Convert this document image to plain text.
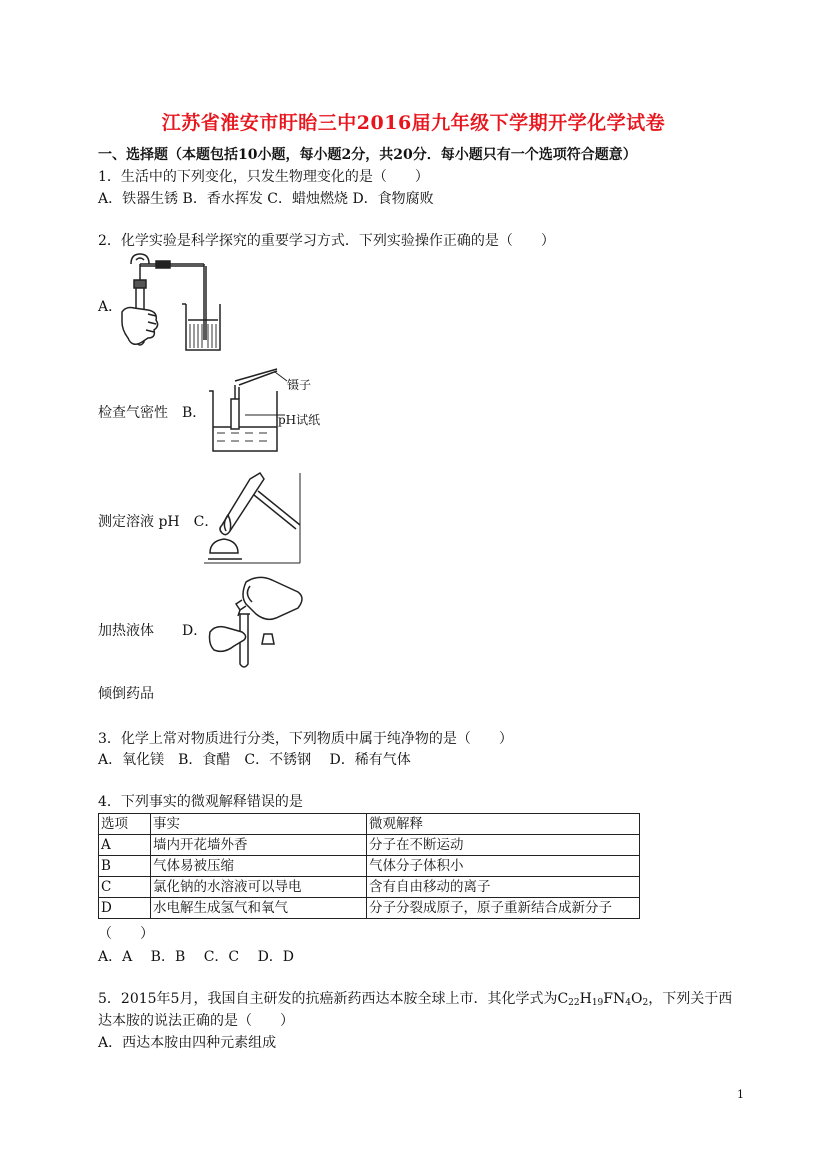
江苏省淮安市盱眙三中2016届九年级下学期开学化学试卷
一、选择题（本题包括10小题，每小题2分，共20分．每小题只有一个选项符合题意）
1．生活中的下列变化，只发生物理变化的是（　　）
A．铁器生锈 B．香水挥发 C．蜡烛燃烧 D．食物腐败
2．化学实验是科学探究的重要学习方式．下列实验操作正确的是（　　）
A．
镊子
pH试纸
检查气密性　B．
测定溶液 pH　C．
加热液体　　D．
倾倒药品
3．化学上常对物质进行分类，下列物质中属于纯净物的是（　　）
A．氧化镁　B．食醋　C．不锈钢　 D．稀有气体
4．下列事实的微观解释错误的是
选项	事实	微观解释
A	墙内开花墙外香	分子在不断运动
B	气体易被压缩	气体分子体积小
C	氯化钠的水溶液可以导电	含有自由移动的离子
D	水电解生成氢气和氧气	分子分裂成原子，原子重新结合成新分子
（　　）
A．A　 B．B　 C．C　 D．D
5．2015年5月，我国自主研发的抗癌新药西达本胺全球上市．其化学式为$C_{22}H_{19}FN_4O_2$，下列关于西
达本胺的说法正确的是（　　）
A．西达本胺由四种元素组成
1
